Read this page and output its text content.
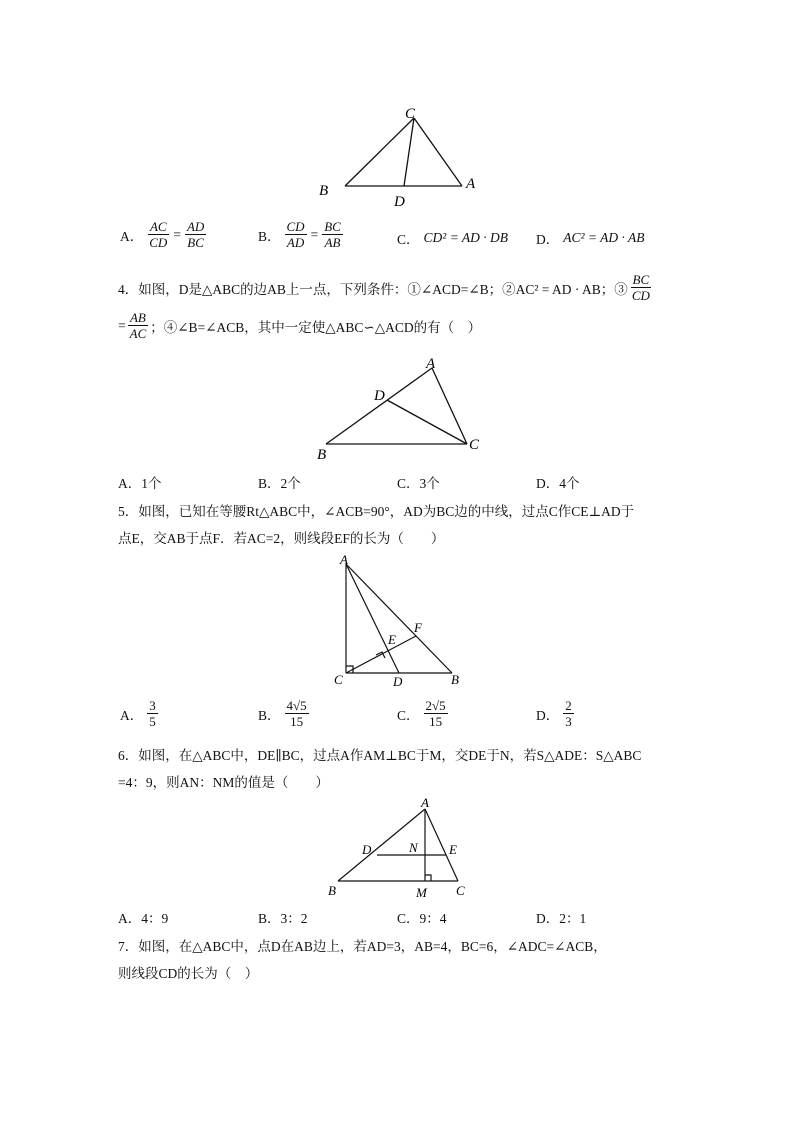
C
B
D
A
A． $\frac{AC}{CD} = \frac{AD}{BC}$	B． $\frac{CD}{AD} = \frac{BC}{AB}$	C． CD² = AD · DB D． AC² = AD · AB
4．如图，D是△ABC的边AB上一点，下列条件：①∠ACD=∠B；②AC² = AD · AB；③ $\frac{BC}{CD}$
= $\frac{AB}{AC}$ ；④∠B=∠ACB，其中一定使△ABC∽△ACD的有（　）
A
D
B
C
A．1个	B．2个	C．3个	D．4个
5．如图，已知在等腰Rt△ABC中，∠ACB=90°，AD为BC边的中线，过点C作CE⊥AD于
点E，交AB于点F．若AC=2，则线段EF的长为（　　）
A
E
F
C	D	B
A． $\frac{3}{5}$	B． $\frac{4√5}{15}$	C． $\frac{2√5}{15}$	D． $\frac{2}{3}$
6．如图，在△ABC中，DE∥BC，过点A作AM⊥BC于M，交DE于N，若S△ADE：S△ABC
=4：9，则AN：NM的值是（　　）
A
D	N E
B	M C
A．4：9	B．3：2	C．9：4	D．2：1
7．如图，在△ABC中，点D在AB边上，若AD=3，AB=4，BC=6，∠ADC=∠ACB，
则线段CD的长为（　）
